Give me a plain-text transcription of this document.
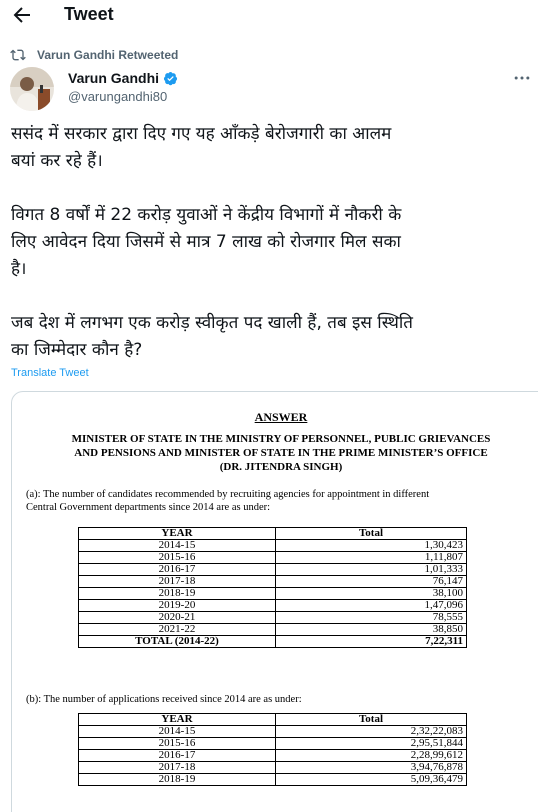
Tweet
Varun Gandhi Retweeted
Varun Gandhi
@varungandhi80

ससंद में सरकार द्वारा दिए गए यह आँकड़े बेरोजगारी का आलम
बयां कर रहे हैं।

विगत 8 वर्षों में 22 करोड़ युवाओं ने केंद्रीय विभागों में नौकरी के
लिए आवेदन दिया जिसमें से मात्र 7 लाख को रोजगार मिल सका
है।

जब देश में लगभग एक करोड़ स्वीकृत पद खाली हैं, तब इस स्थिति
का जिम्मेदार कौन है?

Translate Tweet
ANSWER
MINISTER OF STATE IN THE MINISTRY OF PERSONNEL, PUBLIC GRIEVANCES
AND PENSIONS AND MINISTER OF STATE IN THE PRIME MINISTER’S OFFICE
(DR. JITENDRA SINGH)
(a): The number of candidates recommended by recruiting agencies for appointment in different
Central Government departments since 2014 are as under:
YEAR	Total
2014-15	1,30,423
2015-16	1,11,807
2016-17	1,01,333
2017-18	76,147
2018-19	38,100
2019-20	1,47,096
2020-21	78,555
2021-22	38,850
TOTAL (2014-22)	7,22,311
(b): The number of applications received since 2014 are as under:
YEAR	Total
2014-15	2,32,22,083
2015-16	2,95,51,844
2016-17	2,28,99,612
2017-18	3,94,76,878
2018-19	5,09,36,479
